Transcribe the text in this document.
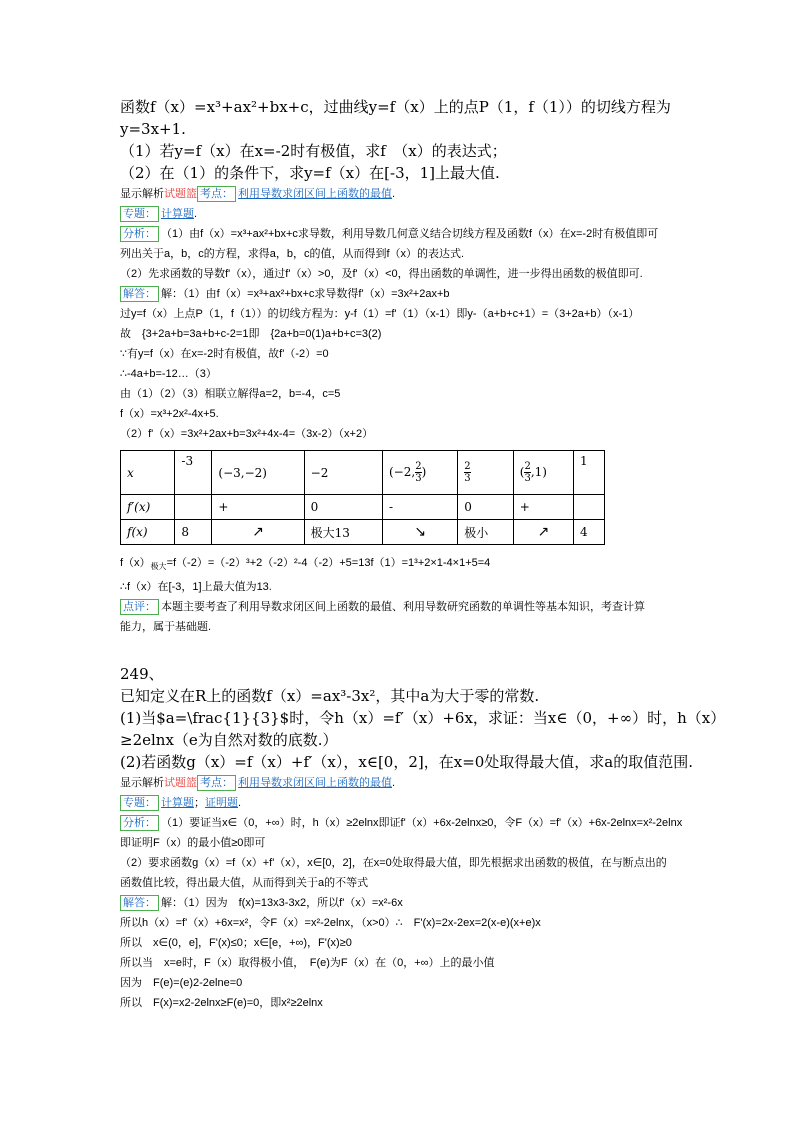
函数f（x）=x³+ax²+bx+c，过曲线y=f（x）上的点P（1，f（1））的切线方程为

y=3x+1.

（1）若y=f（x）在x=-2时有极值，求f　（x）的表达式；

（2）在（1）的条件下，求y=f（x）在[-3，1]上最大值.

显示解析试题篮 考点： 利用导数求闭区间上函数的最值.

专题： 计算题.

分析： （1）由f（x）=x³+ax²+bx+c求导数，利用导数几何意义结合切线方程及函数f（x）在x=-2时有极值即可

列出关于a，b，c的方程，求得a，b，c的值，从而得到f（x）的表达式.

（2）先求函数的导数f'（x），通过f'（x）>0，及f'（x）<0，得出函数的单调性，进一步得出函数的极值即可.

解答： 解：（1）由f（x）=x³+ax²+bx+c求导数得f'（x）=3x²+2ax+b

过y=f（x）上点P（1，f（1））的切线方程为：y-f（1）=f'（1）（x-1）即y-（a+b+c+1）=（3+2a+b）（x-1）

故　{3+2a+b=3a+b+c-2=1即　{2a+b=0(1)a+b+c=3(2)

∵有y=f（x）在x=-2时有极值，故f'（-2）=0

∴-4a+b=-12…（3）

由（1）（2）（3）相联立解得a=2，b=-4，c=5

f（x）=x³+2x²-4x+5.

（2）f'（x）=3x²+2ax+b=3x²+4x-4=（3x-2）（x+2）

x	-3	(−3,−2)	−2	(−2, $\frac{2}{3}$ )	$\frac{2}{3}$	( $\frac{2}{3} ,1$)	1
f′(x)		+	0	-	0	+	
f(x)	8	↗	极大13	↘	极小	↗	4

$f(x)_{极大}=f(-2)=(-2)^3+2(-2)^2-4(-2)+5=13f(1)=1^3+2\times 1-4\times 1+5=4$

∴f（x）在[-3，1]上最大值为13.

点评： 本题主要考查了利用导数求闭区间上函数的最值、利用导数研究函数的单调性等基本知识，考查计算

能力，属于基础题.

249、

已知定义在R上的函数f（x）=ax³-3x²，其中a为大于零的常数.

(1)当$a=\frac{1}{3}$时，令h（x）=f′（x）+6x，求证：当x∈（0，+∞）时，h（x）

≥2elnx（e为自然对数的底数.）

(2)若函数g（x）=f（x）+f′（x），x∈[0，2]，在x=0处取得最大值，求a的取值范围.

显示解析试题篮 考点： 利用导数求闭区间上函数的最值.

专题： 计算题；证明题.

分析： （1）要证当x∈（0，+∞）时，h（x）≥2elnx即证f'（x）+6x-2elnx≥0，令F（x）=f'（x）+6x-2elnx=x²-2elnx

即证明F（x）的最小值≥0即可

（2）要求函数g（x）=f（x）+f'（x），x∈[0，2]，在x=0处取得最大值，即先根据求出函数的极值，在与断点出的

函数值比较，得出最大值，从而得到关于a的不等式

解答： 解：（1）因为　f(x)=13x3-3x2，所以f'（x）=x²-6x

所以h（x）=f'（x）+6x=x²，令F（x）=x²-2elnx，（x>0）∴　F'(x)=2x-2ex=2(x-e)(x+e)x

所以　x∈(0，e]，F'(x)≤0；x∈[e，+∞)，F'(x)≥0

所以当　x=e时，F（x）取得极小值，　F(e)为F（x）在（0，+∞）上的最小值

因为　F(e)=(e)2-2elne=0

所以　F(x)=x2-2elnx≥F(e)=0，即x²≥2elnx
